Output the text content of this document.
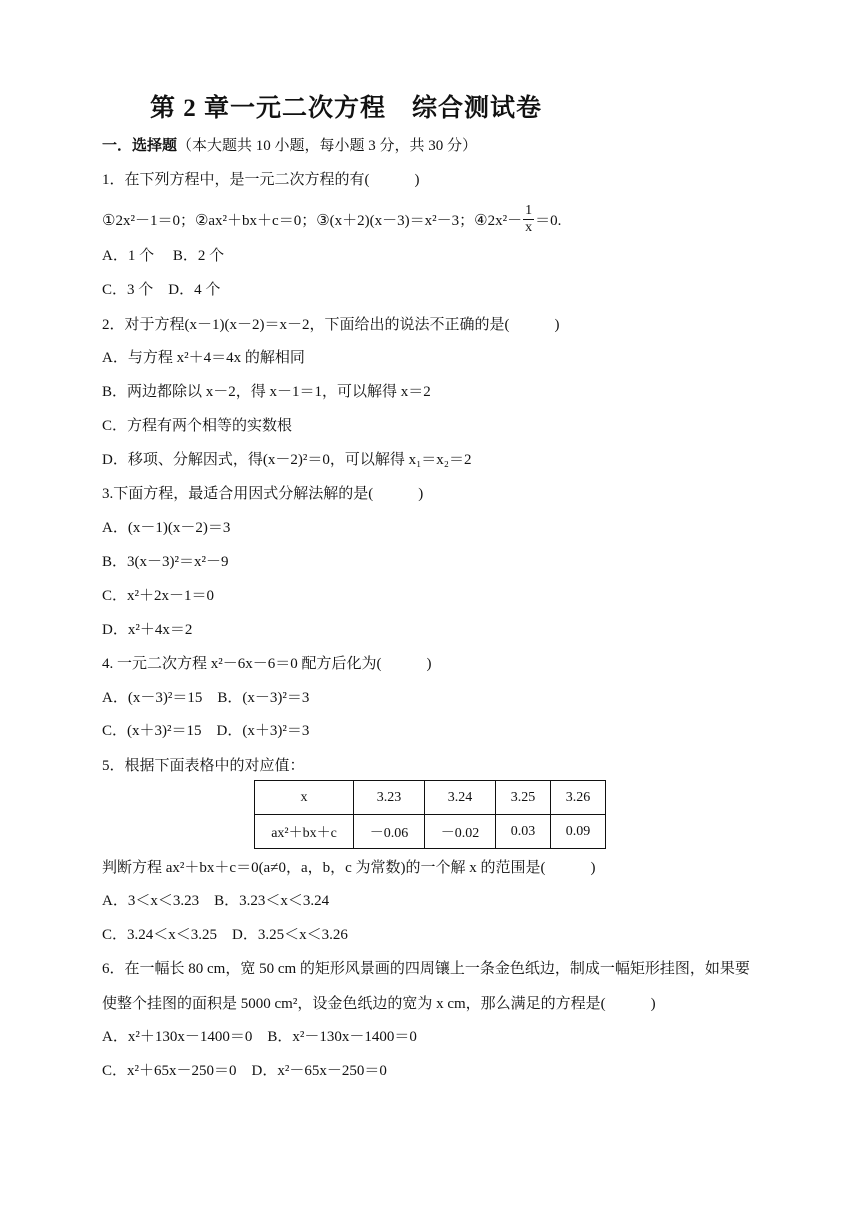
第 2 章一元二次方程　综合测试卷
一．选择题（本大题共 10 小题，每小题 3 分，共 30 分）
1．在下列方程中，是一元二次方程的有(　　　)
①2x²－1＝0；②ax²＋bx＋c＝0；③(x＋2)(x－3)＝x²－3；④2x²－ $\frac{1}{x} =0$.
A．1 个　 B．2 个
C．3 个　D．4 个
2．对于方程(x－1)(x－2)＝x－2，下面给出的说法不正确的是(　　　)
A．与方程 x²＋4＝4x 的解相同
B．两边都除以 x－2，得 x－1＝1，可以解得 x＝2
C．方程有两个相等的实数根
D．移项、分解因式，得(x－2)²＝0，可以解得 x₁＝x₂＝2
3.下面方程，最适合用因式分解法解的是(　　　)
A．(x－1)(x－2)＝3
B．3(x－3)²＝x²－9
C．x²＋2x－1＝0
D．x²＋4x＝2
4. 一元二次方程 x²－6x－6＝0 配方后化为(　　　)
A．(x－3)²＝15　B．(x－3)²＝3
C．(x＋3)²＝15　D．(x＋3)²＝3
5．根据下面表格中的对应值：
x	3.23	3.24	3.25	3.26
ax²＋bx＋c	－0.06	－0.02	0.03	0.09
判断方程 ax²＋bx＋c＝0(a≠0，a，b，c 为常数)的一个解 x 的范围是(　　　)
A．3＜x＜3.23　B．3.23＜x＜3.24
C．3.24＜x＜3.25　D．3.25＜x＜3.26
6．在一幅长 80 cm，宽 50 cm 的矩形风景画的四周镶上一条金色纸边，制成一幅矩形挂图，如果要
使整个挂图的面积是 5000 cm²，设金色纸边的宽为 x cm，那么满足的方程是(　　　)
A．x²＋130x－1400＝0　B．x²－130x－1400＝0
C．x²＋65x－250＝0　D．x²－65x－250＝0
